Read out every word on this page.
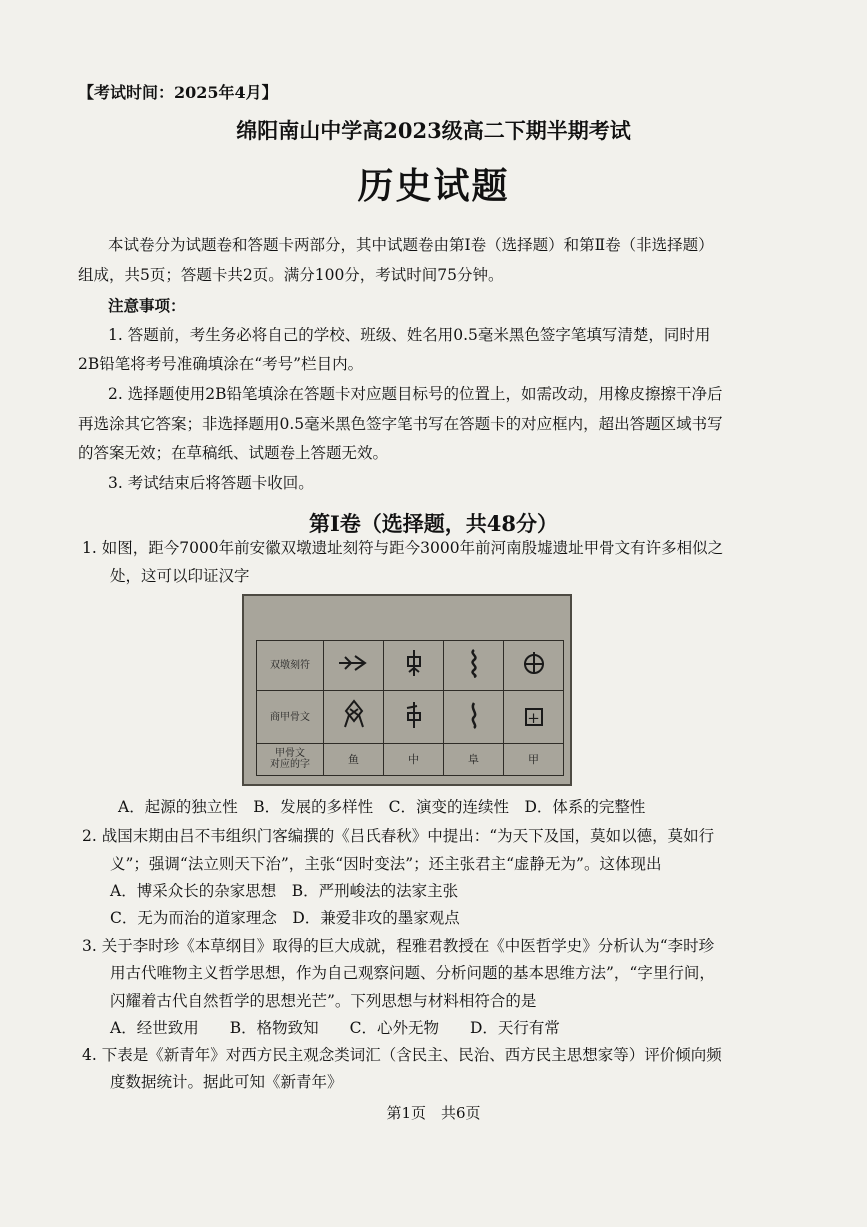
【考试时间：2025年4月】
绵阳南山中学高2023级高二下期半期考试
历史试题
本试卷分为试题卷和答题卡两部分，其中试题卷由第Ⅰ卷（选择题）和第Ⅱ卷（非选择题）
组成，共5页；答题卡共2页。满分100分，考试时间75分钟。
注意事项：
1. 答题前，考生务必将自己的学校、班级、姓名用0.5毫米黑色签字笔填写清楚，同时用
2B铅笔将考号准确填涂在“考号”栏目内。
2. 选择题使用2B铅笔填涂在答题卡对应题目标号的位置上，如需改动，用橡皮擦擦干净后
再选涂其它答案；非选择题用0.5毫米黑色签字笔书写在答题卡的对应框内，超出答题区域书写
的答案无效；在草稿纸、试题卷上答题无效。
3. 考试结束后将答题卡收回。
第Ⅰ卷（选择题，共48分）
1. 如图，距今7000年前安徽双墩遗址刻符与距今3000年前河南殷墟遗址甲骨文有许多相似之
处，这可以印证汉字
双墩刻符				
商甲骨文				+

甲骨文
对应的字	鱼	中	阜	甲
A．起源的独立性　B．发展的多样性　C．演变的连续性　D．体系的完整性
2. 战国末期由吕不韦组织门客编撰的《吕氏春秋》中提出：“为天下及国，莫如以德，莫如行
义”；强调“法立则天下治”，主张“因时变法”；还主张君主“虚静无为”。这体现出
A．博采众长的杂家思想　B．严刑峻法的法家主张
C．无为而治的道家理念　D．兼爱非攻的墨家观点
3. 关于李时珍《本草纲目》取得的巨大成就，程雅君教授在《中医哲学史》分析认为“李时珍
用古代唯物主义哲学思想，作为自己观察问题、分析问题的基本思维方法”，“字里行间，
闪耀着古代自然哲学的思想光芒”。下列思想与材料相符合的是
A．经世致用　　B．格物致知　　C．心外无物　　D．天行有常
4. 下表是《新青年》对西方民主观念类词汇（含民主、民治、西方民主思想家等）评价倾向频
度数据统计。据此可知《新青年》
第1页　共6页
